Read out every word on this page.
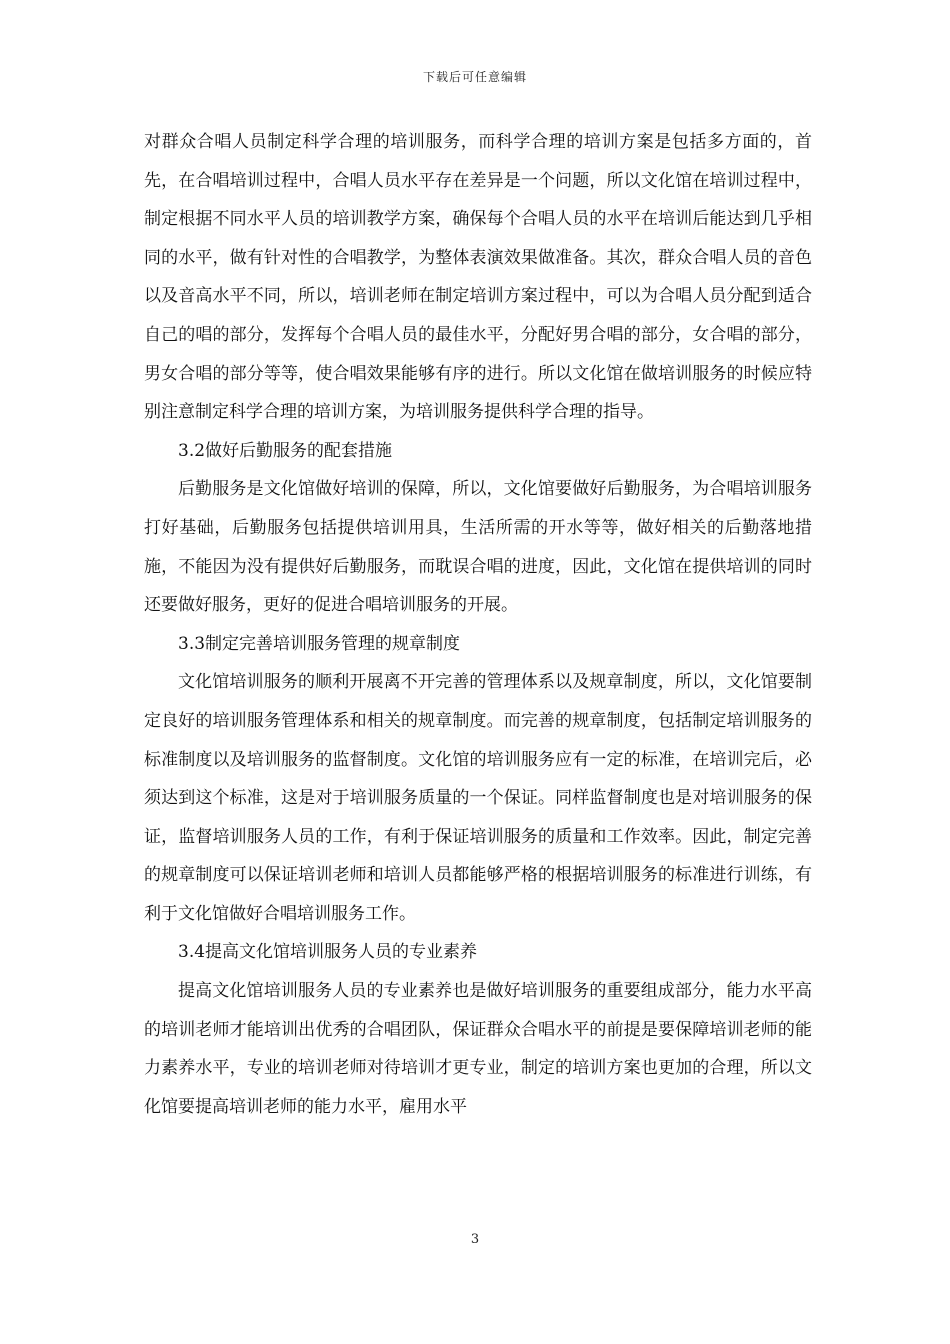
下载后可任意编辑

对群众合唱人员制定科学合理的培训服务，而科学合理的培训方案是包括多方面的，首先，在合唱培训过程中，合唱人员水平存在差异是一个问题，所以文化馆在培训过程中，制定根据不同水平人员的培训教学方案，确保每个合唱人员的水平在培训后能达到几乎相同的水平，做有针对性的合唱教学，为整体表演效果做准备。其次，群众合唱人员的音色以及音高水平不同，所以，培训老师在制定培训方案过程中，可以为合唱人员分配到适合自己的唱的部分，发挥每个合唱人员的最佳水平，分配好男合唱的部分，女合唱的部分，男女合唱的部分等等，使合唱效果能够有序的进行。所以文化馆在做培训服务的时候应特别注意制定科学合理的培训方案，为培训服务提供科学合理的指导。

3.2做好后勤服务的配套措施

后勤服务是文化馆做好培训的保障，所以，文化馆要做好后勤服务，为合唱培训服务打好基础，后勤服务包括提供培训用具，生活所需的开水等等，做好相关的后勤落地措施，不能因为没有提供好后勤服务，而耽误合唱的进度，因此，文化馆在提供培训的同时还要做好服务，更好的促进合唱培训服务的开展。

3.3制定完善培训服务管理的规章制度

文化馆培训服务的顺利开展离不开完善的管理体系以及规章制度，所以，文化馆要制定良好的培训服务管理体系和相关的规章制度。而完善的规章制度，包括制定培训服务的标准制度以及培训服务的监督制度。文化馆的培训服务应有一定的标准，在培训完后，必须达到这个标准，这是对于培训服务质量的一个保证。同样监督制度也是对培训服务的保证，监督培训服务人员的工作，有利于保证培训服务的质量和工作效率。因此，制定完善的规章制度可以保证培训老师和培训人员都能够严格的根据培训服务的标准进行训练，有利于文化馆做好合唱培训服务工作。

3.4提高文化馆培训服务人员的专业素养

提高文化馆培训服务人员的专业素养也是做好培训服务的重要组成部分，能力水平高的培训老师才能培训出优秀的合唱团队，保证群众合唱水平的前提是要保障培训老师的能力素养水平，专业的培训老师对待培训才更专业，制定的培训方案也更加的合理，所以文化馆要提高培训老师的能力水平，雇用水平

3
